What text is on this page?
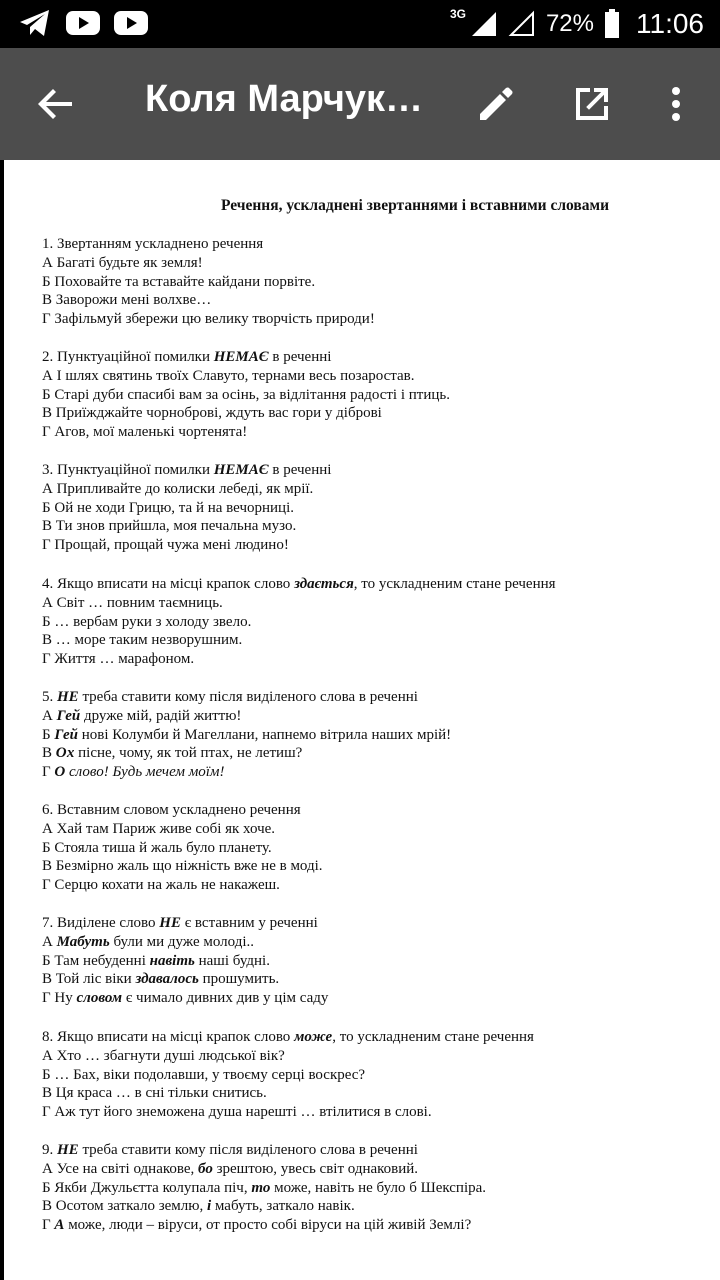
3G	72% 11:06
Коля Марчук…
Речення, ускладнені звертаннями і вставними словами
1. Звертанням ускладнено речення
А Багаті будьте як земля!
Б Поховайте та вставайте кайдани порвіте.
В Заворожи мені волхве…
Г Зафільмуй збережи цю велику творчість природи!
2. Пунктуаційної помилки НЕМАЄ в реченні
А І шлях святинь твоїх Славуто, тернами весь позаростав.
Б Старі дуби спасибі вам за осінь, за відлітання радості і птиць.
В Приїжджайте чорноброві, ждуть вас гори у діброві
Г Агов, мої маленькі чортенята!
3. Пунктуаційної помилки НЕМАЄ в реченні
А Припливайте до колиски лебеді, як мрії.
Б Ой не ходи Грицю, та й на вечорниці.
В Ти знов прийшла, моя печальна музо.
Г Прощай, прощай чужа мені людино!
4. Якщо вписати на місці крапок слово здається, то ускладненим стане речення
А Світ … повним таємниць.
Б … вербам руки з холоду звело.
В … море таким незворушним.
Г Життя … марафоном.
5. НЕ треба ставити кому після виділеного слова в реченні
А Гей друже мій, радій життю!
Б Гей нові Колумби й Магеллани, напнемо вітрила наших мрій!
В Ох пісне, чому, як той птах, не летиш?
Г О слово! Будь мечем моїм!
6. Вставним словом ускладнено речення
А Хай там Париж живе собі як хоче.
Б Стояла тиша й жаль було планету.
В Безмірно жаль що ніжність вже не в моді.
Г Серцю кохати на жаль не накажеш.
7. Виділене слово НЕ є вставним у реченні
А Мабуть були ми дуже молоді..
Б Там небуденні навіть наші будні.
В Той ліс віки здавалось прошумить.
Г Ну словом є чимало дивних див у цім саду
8. Якщо вписати на місці крапок слово може, то ускладненим стане речення
А Хто … збагнути душі людської вік?
Б … Бах, віки подолавши, у твоєму серці воскрес?
В Ця краса … в сні тільки снитись.
Г Аж тут його знеможена душа нарешті … втілитися в слові.
9. НЕ треба ставити кому після виділеного слова в реченні
А Усе на світі однакове, бо зрештою, увесь світ однаковий.
Б Якби Джульєтта колупала піч, то може, навіть не було б Шекспіра.
В Осотом заткало землю, і мабуть, заткало навік.
Г А може, люди – віруси, от просто собі віруси на цій живій Землі?
